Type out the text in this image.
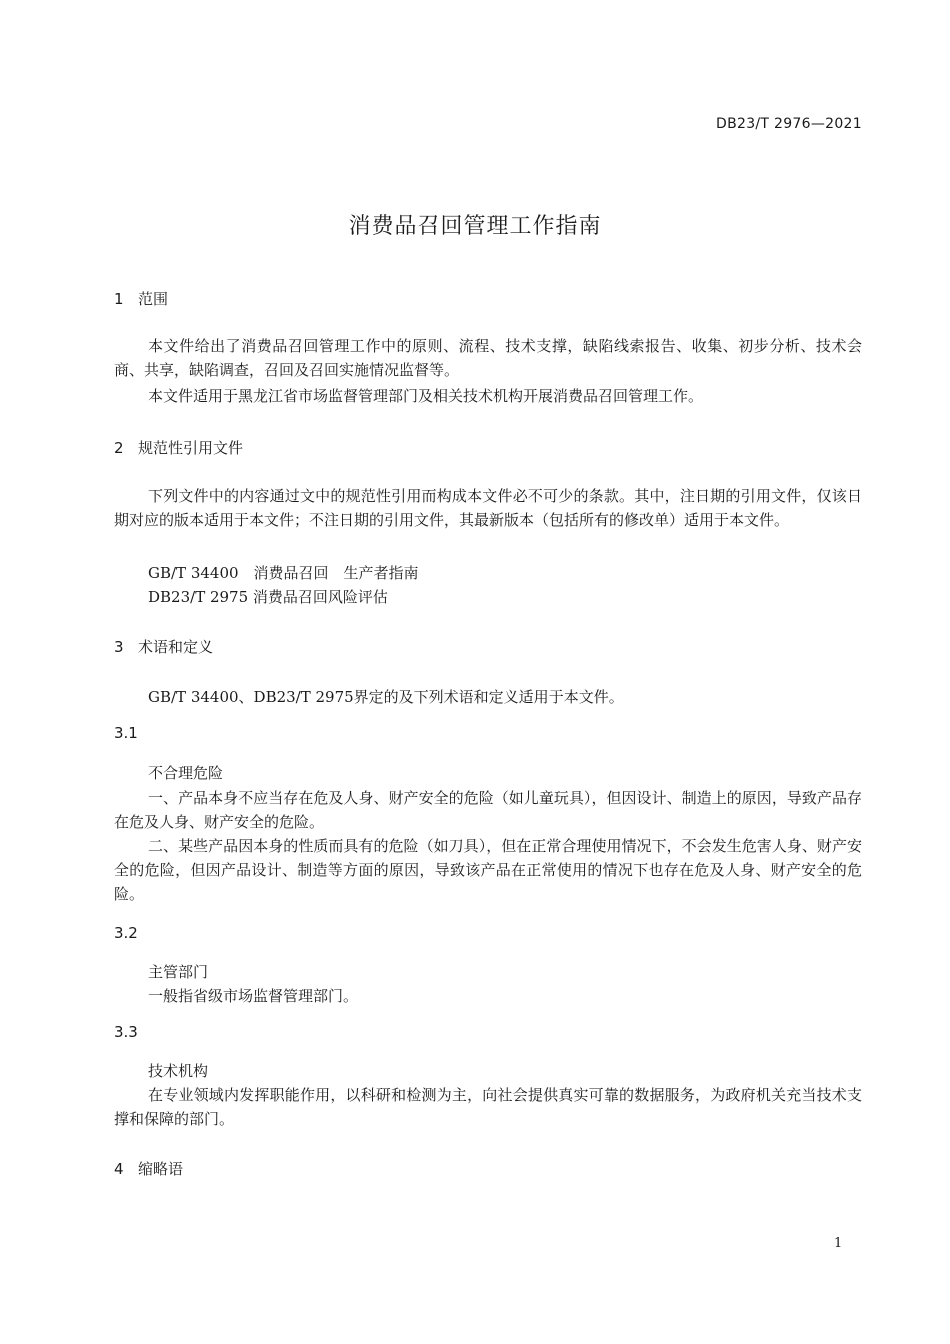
DB23/T 2976—2021
消费品召回管理工作指南
1 范围
本文件给出了消费品召回管理工作中的原则、流程、技术支撑，缺陷线索报告、收集、初步分析、技术会商、共享，缺陷调查，召回及召回实施情况监督等。
本文件适用于黑龙江省市场监督管理部门及相关技术机构开展消费品召回管理工作。
2 规范性引用文件
下列文件中的内容通过文中的规范性引用而构成本文件必不可少的条款。其中，注日期的引用文件，仅该日期对应的版本适用于本文件；不注日期的引用文件，其最新版本（包括所有的修改单）适用于本文件。
GB/T 34400　消费品召回　生产者指南
DB23/T 2975 消费品召回风险评估
3 术语和定义
GB/T 34400、DB23/T 2975界定的及下列术语和定义适用于本文件。
3.1
不合理危险
一、产品本身不应当存在危及人身、财产安全的危险（如儿童玩具），但因设计、制造上的原因，导致产品存在危及人身、财产安全的危险。
二、某些产品因本身的性质而具有的危险（如刀具），但在正常合理使用情况下，不会发生危害人身、财产安全的危险，但因产品设计、制造等方面的原因，导致该产品在正常使用的情况下也存在危及人身、财产安全的危险。
3.2
主管部门
一般指省级市场监督管理部门。
3.3
技术机构
在专业领域内发挥职能作用，以科研和检测为主，向社会提供真实可靠的数据服务，为政府机关充当技术支撑和保障的部门。
4 缩略语
1
